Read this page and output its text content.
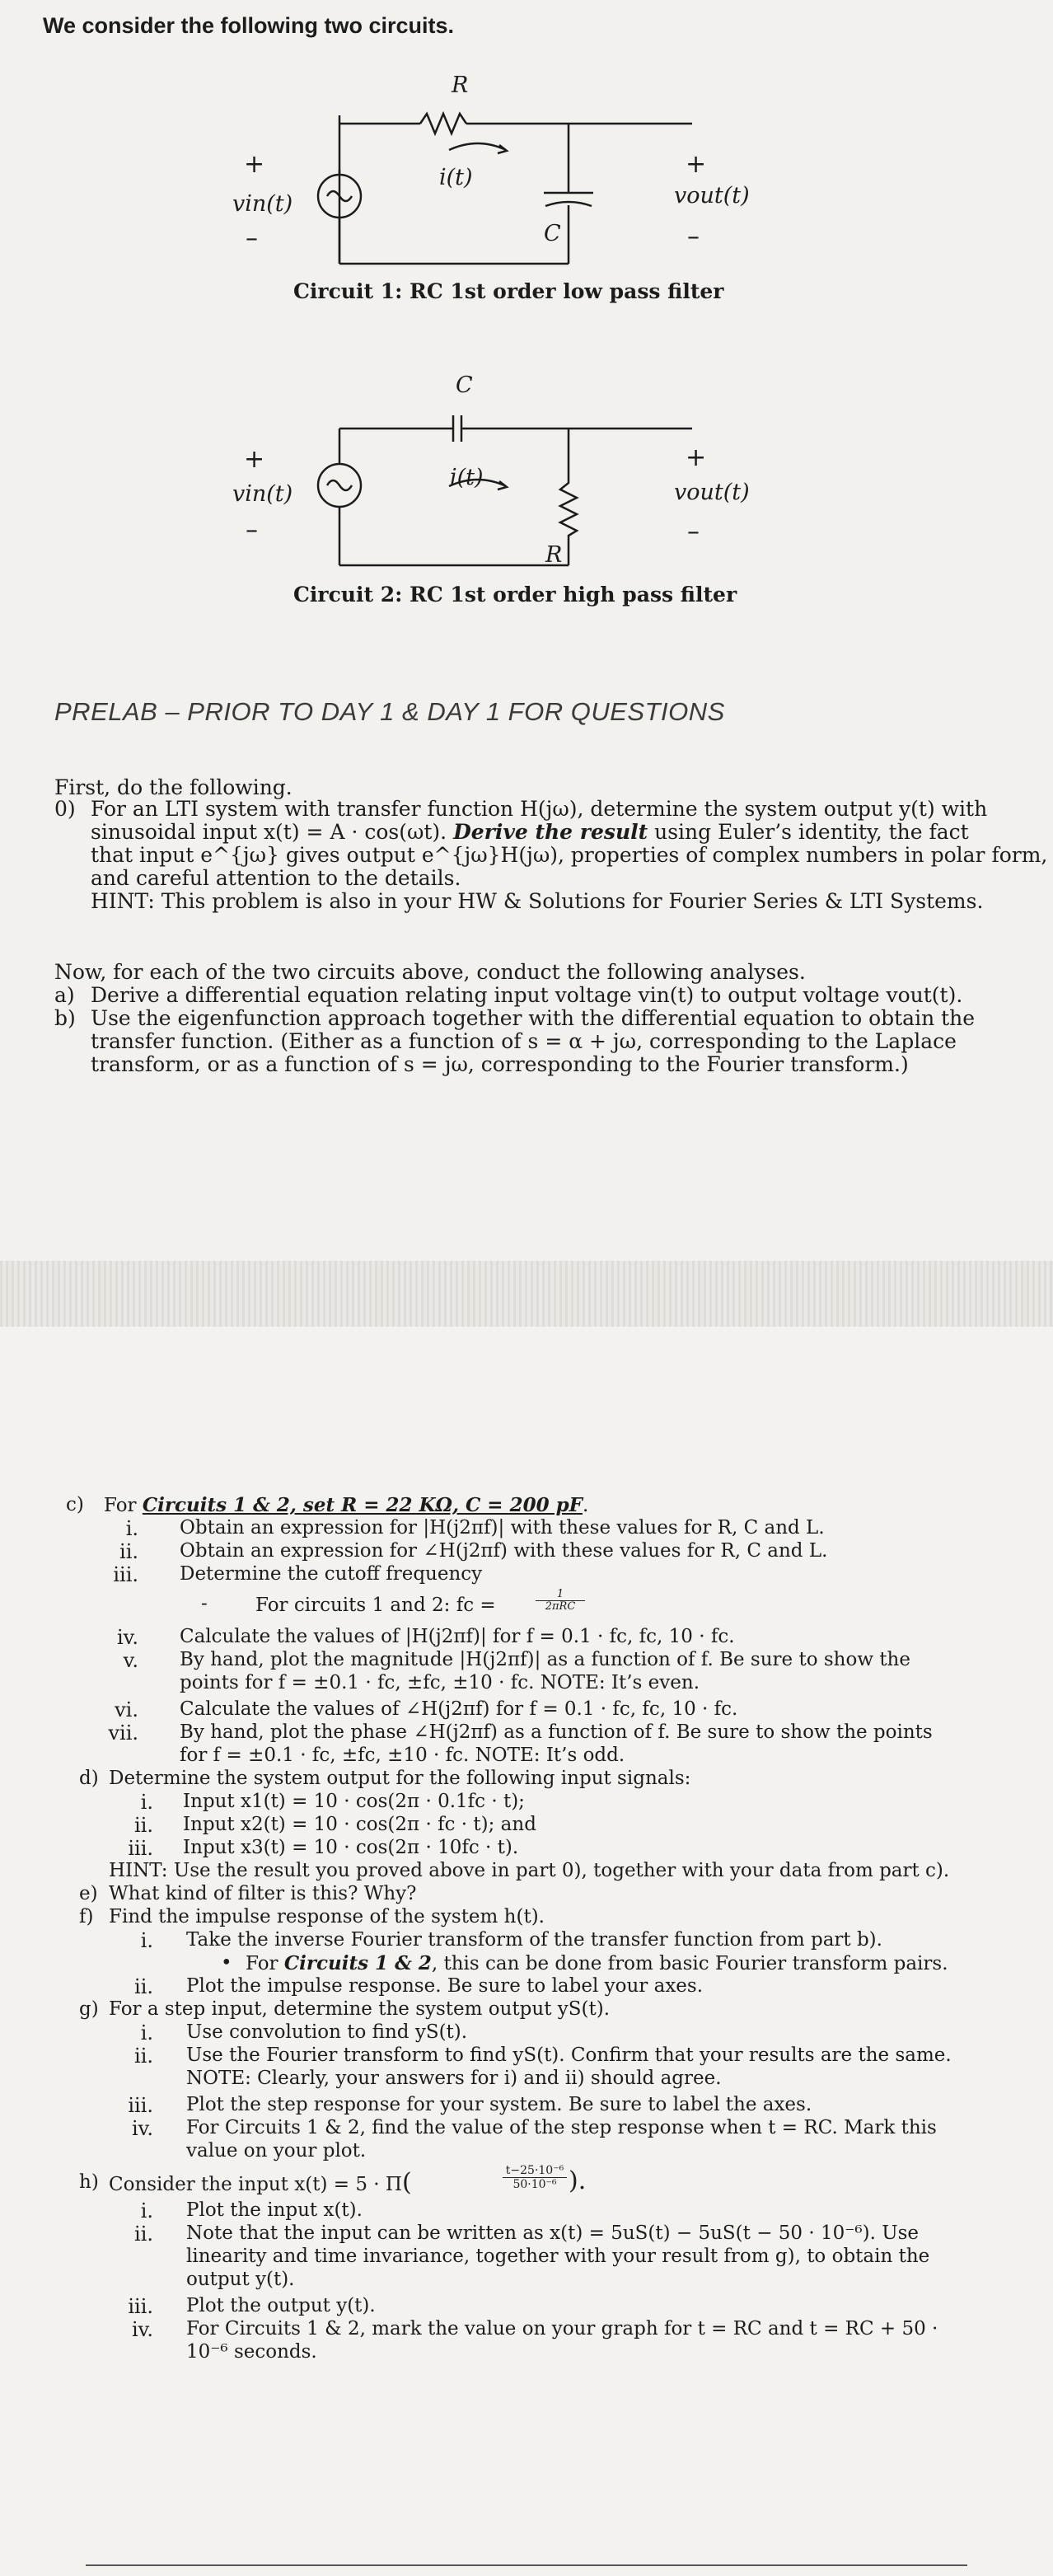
We consider the following two circuits.
R
i(t)
C
+
vin(t)
–
+
vout(t)
–
Circuit 1: RC 1st order low pass filter
C
i(t)
R
+
vin(t)
–
+
vout(t)
–
Circuit 2: RC 1st order high pass filter
PRELAB – PRIOR TO DAY 1 & DAY 1 FOR QUESTIONS
First, do the following.
0) For an LTI system with transfer function H(jω), determine the system output y(t) with
sinusoidal input x(t) = A · cos(ωt). Derive the result using Euler’s identity, the fact
that input e^{jω} gives output e^{jω}H(jω), properties of complex numbers in polar form,
and careful attention to the details.
HINT: This problem is also in your HW & Solutions for Fourier Series & LTI Systems.
Now, for each of the two circuits above, conduct the following analyses.
a) Derive a differential equation relating input voltage vin(t) to output voltage vout(t).
b) Use the eigenfunction approach together with the differential equation to obtain the
transfer function. (Either as a function of s = α + jω, corresponding to the Laplace
transform, or as a function of s = jω, corresponding to the Fourier transform.)
c) For Circuits 1 & 2, set R = 22 KΩ, C = 200 pF.
i. Obtain an expression for |H(j2πf)| with these values for R, C and L.
ii. Obtain an expression for ∠H(j2πf) with these values for R, C and L.
iii. Determine the cutoff frequency
-	For circuits 1 and 2: fc =
1
2πRC
iv. Calculate the values of |H(j2πf)| for f = 0.1 · fc, fc, 10 · fc.
v. By hand, plot the magnitude |H(j2πf)| as a function of f. Be sure to show the
points for f = ±0.1 · fc, ±fc, ±10 · fc. NOTE: It’s even.
vi. Calculate the values of ∠H(j2πf) for f = 0.1 · fc, fc, 10 · fc.
vii. By hand, plot the phase ∠H(j2πf) as a function of f. Be sure to show the points
for f = ±0.1 · fc, ±fc, ±10 · fc. NOTE: It’s odd.
d) Determine the system output for the following input signals:
i. Input x1(t) = 10 · cos(2π · 0.1fc · t);
ii. Input x2(t) = 10 · cos(2π · fc · t); and
iii. Input x3(t) = 10 · cos(2π · 10fc · t).
HINT: Use the result you proved above in part 0), together with your data from part c).
e) What kind of filter is this? Why?
f) Find the impulse response of the system h(t).
i. Take the inverse Fourier transform of the transfer function from part b).
• For Circuits 1 & 2, this can be done from basic Fourier transform pairs.
ii. Plot the impulse response. Be sure to label your axes.
g) For a step input, determine the system output yS(t).
i. Use convolution to find yS(t).
ii. Use the Fourier transform to find yS(t). Confirm that your results are the same.
NOTE: Clearly, your answers for i) and ii) should agree.
iii. Plot the step response for your system. Be sure to label the axes.
iv. For Circuits 1 & 2, find the value of the step response when t = RC. Mark this
value on your plot.
h) Consider the input x(t) = 5 · Π(	$\frac{\text{t−25·10⁻⁶}}{\text{50·10⁻⁶}}$ ).
i. Plot the input x(t).
ii. Note that the input can be written as x(t) = 5uS(t) − 5uS(t − 50 · 10⁻⁶). Use
linearity and time invariance, together with your result from g), to obtain the
output y(t).
iii. Plot the output y(t).
iv. For Circuits 1 & 2, mark the value on your graph for t = RC and t = RC + 50 ·
10⁻⁶ seconds.
